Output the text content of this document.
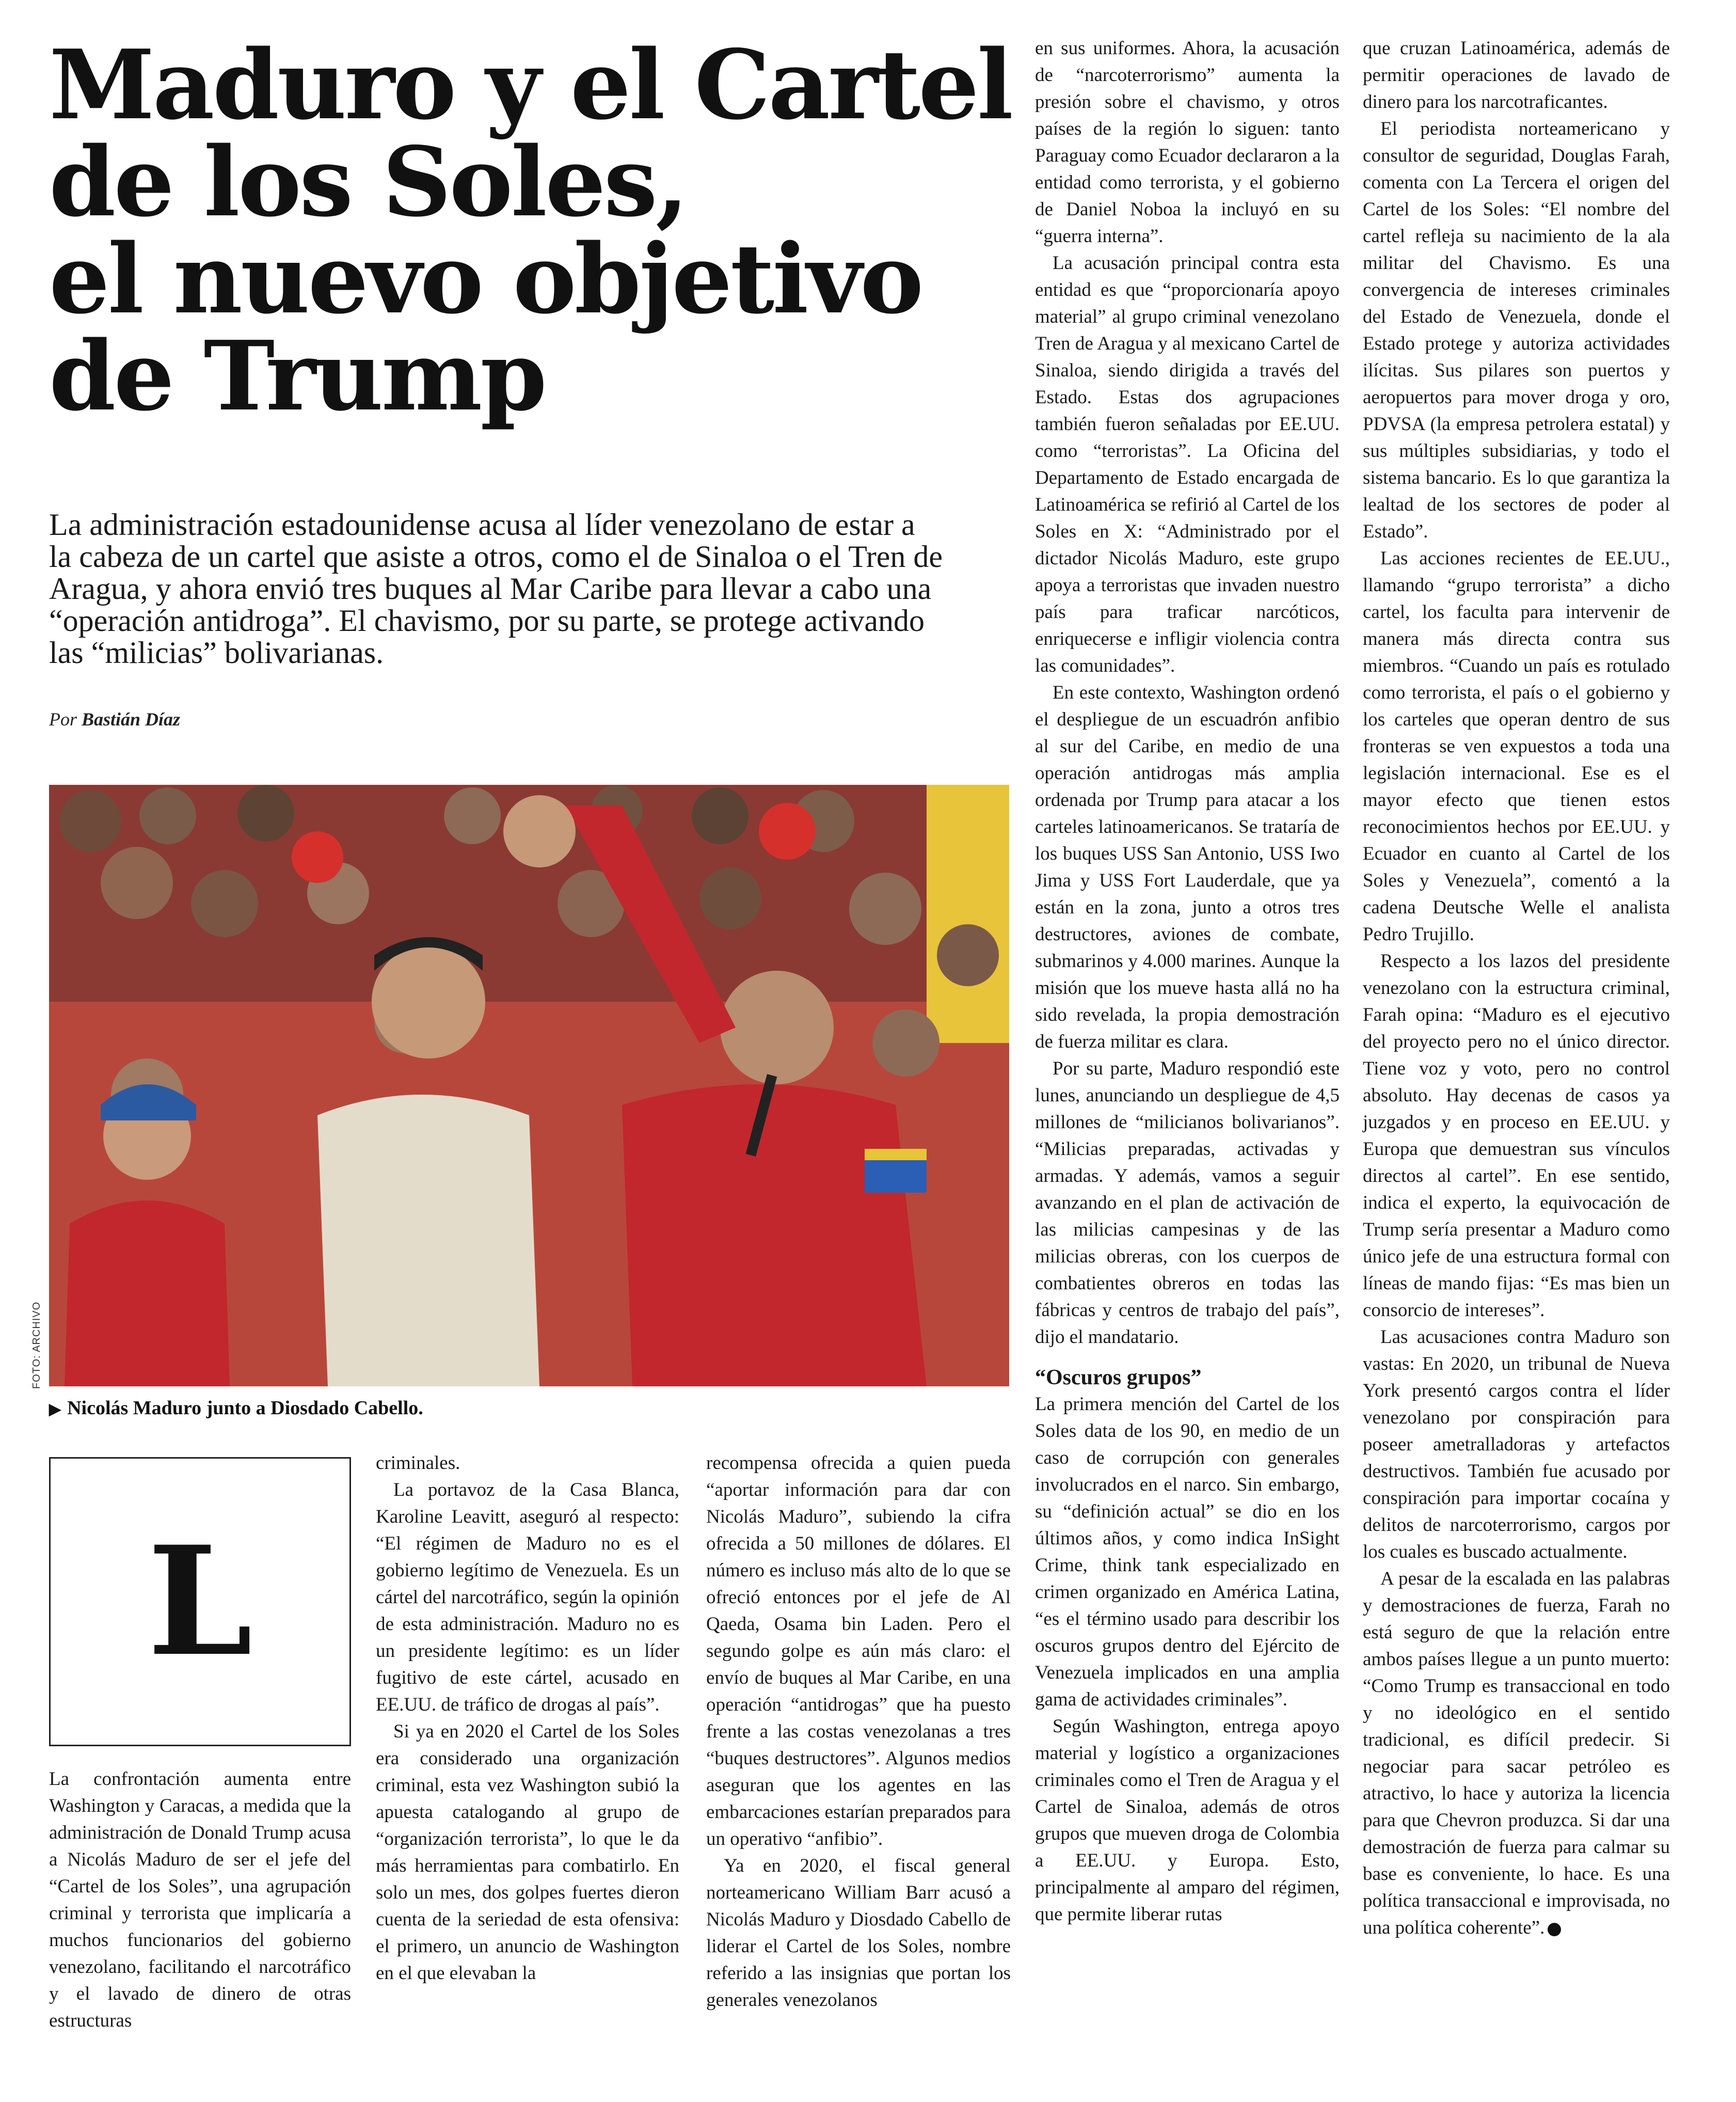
Maduro y el Cartel
de los Soles,
el nuevo objetivo
de Trump

La administración estadounidense acusa al líder venezolano de estar a
la cabeza de un cartel que asiste a otros, como el de Sinaloa o el Tren de
Aragua, y ahora envió tres buques al Mar Caribe para llevar a cabo una
“operación antidroga”. El chavismo, por su parte, se protege activando
las “milicias” bolivarianas.

Por Bastián Díaz
FOTO: ARCHIVO
▶ Nicolás Maduro junto a Diosdado Cabello.
L

La confrontación aumenta entre Washington y Caracas, a medida que la administración de Donald Trump acusa a Nicolás Maduro de ser el jefe del “Cartel de los Soles”, una agrupación criminal y terrorista que implicaría a muchos funcionarios del gobierno venezolano, facilitando el narcotráfico y el lavado de dinero de otras estructuras

criminales.

La portavoz de la Casa Blanca, Karoline Leavitt, aseguró al respecto: “El régimen de Maduro no es el gobierno legítimo de Venezuela. Es un cártel del narcotráfico, según la opinión de esta administración. Maduro no es un presidente legítimo: es un líder fugitivo de este cártel, acusado en EE.UU. de tráfico de drogas al país”.

Si ya en 2020 el Cartel de los Soles era considerado una organización criminal, esta vez Washington subió la apuesta catalogando al grupo de “organización terrorista”, lo que le da más herramientas para combatirlo. En solo un mes, dos golpes fuertes dieron cuenta de la seriedad de esta ofensiva: el primero, un anuncio de Washington en el que elevaban la

recompensa ofrecida a quien pueda “aportar información para dar con Nicolás Maduro”, subiendo la cifra ofrecida a 50 millones de dólares. El número es incluso más alto de lo que se ofreció entonces por el jefe de Al Qaeda, Osama bin Laden. Pero el segundo golpe es aún más claro: el envío de buques al Mar Caribe, en una operación “antidrogas” que ha puesto frente a las costas venezolanas a tres “buques destructores”. Algunos medios aseguran que los agentes en las embarcaciones estarían preparados para un operativo “anfibio”.

Ya en 2020, el fiscal general norteamericano William Barr acusó a Nicolás Maduro y Diosdado Cabello de liderar el Cartel de los Soles, nombre referido a las insignias que portan los generales venezolanos

en sus uniformes. Ahora, la acusación de “narcoterrorismo” aumenta la presión sobre el chavismo, y otros países de la región lo siguen: tanto Paraguay como Ecuador declararon a la entidad como terrorista, y el gobierno de Daniel Noboa la incluyó en su “guerra interna”.

La acusación principal contra esta entidad es que “proporcionaría apoyo material” al grupo criminal venezolano Tren de Aragua y al mexicano Cartel de Sinaloa, siendo dirigida a través del Estado. Estas dos agrupaciones también fueron señaladas por EE.UU. como “terroristas”. La Oficina del Departamento de Estado encargada de Latinoamérica se refirió al Cartel de los Soles en X: “Administrado por el dictador Nicolás Maduro, este grupo apoya a terroristas que invaden nuestro país para traficar narcóticos, enriquecerse e infligir violencia contra las comunidades”.

En este contexto, Washington ordenó el despliegue de un escuadrón anfibio al sur del Caribe, en medio de una operación antidrogas más amplia ordenada por Trump para atacar a los carteles latinoamericanos. Se trataría de los buques USS San Antonio, USS Iwo Jima y USS Fort Lauderdale, que ya están en la zona, junto a otros tres destructores, aviones de combate, submarinos y 4.000 marines. Aunque la misión que los mueve hasta allá no ha sido revelada, la propia demostración de fuerza militar es clara.

Por su parte, Maduro respondió este lunes, anunciando un despliegue de 4,5 millones de “milicianos bolivarianos”. “Milicias preparadas, activadas y armadas. Y además, vamos a seguir avanzando en el plan de activación de las milicias campesinas y de las milicias obreras, con los cuerpos de combatientes obreros en todas las fábricas y centros de trabajo del país”, dijo el mandatario.

“Oscuros grupos”

La primera mención del Cartel de los Soles data de los 90, en medio de un caso de corrupción con generales involucrados en el narco. Sin embargo, su “definición actual” se dio en los últimos años, y como indica InSight Crime, think tank especializado en crimen organizado en América Latina, “es el término usado para describir los oscuros grupos dentro del Ejército de Venezuela implicados en una amplia gama de actividades criminales”.

Según Washington, entrega apoyo material y logístico a organizaciones criminales como el Tren de Aragua y el Cartel de Sinaloa, además de otros grupos que mueven droga de Colombia a EE.UU. y Europa. Esto, principalmente al amparo del régimen, que permite liberar rutas

que cruzan Latinoamérica, además de permitir operaciones de lavado de dinero para los narcotraficantes.

El periodista norteamericano y consultor de seguridad, Douglas Farah, comenta con La Tercera el origen del Cartel de los Soles: “El nombre del cartel refleja su nacimiento de la ala militar del Chavismo. Es una convergencia de intereses criminales del Estado de Venezuela, donde el Estado protege y autoriza actividades ilícitas. Sus pilares son puertos y aeropuertos para mover droga y oro, PDVSA (la empresa petrolera estatal) y sus múltiples subsidiarias, y todo el sistema bancario. Es lo que garantiza la lealtad de los sectores de poder al Estado”.

Las acciones recientes de EE.UU., llamando “grupo terrorista” a dicho cartel, los faculta para intervenir de manera más directa contra sus miembros. “Cuando un país es rotulado como terrorista, el país o el gobierno y los carteles que operan dentro de sus fronteras se ven expuestos a toda una legislación internacional. Ese es el mayor efecto que tienen estos reconocimientos hechos por EE.UU. y Ecuador en cuanto al Cartel de los Soles y Venezuela”, comentó a la cadena Deutsche Welle el analista Pedro Trujillo.

Respecto a los lazos del presidente venezolano con la estructura criminal, Farah opina: “Maduro es el ejecutivo del proyecto pero no el único director. Tiene voz y voto, pero no control absoluto. Hay decenas de casos ya juzgados y en proceso en EE.UU. y Europa que demuestran sus vínculos directos al cartel”. En ese sentido, indica el experto, la equivocación de Trump sería presentar a Maduro como único jefe de una estructura formal con líneas de mando fijas: “Es mas bien un consorcio de intereses”.

Las acusaciones contra Maduro son vastas: En 2020, un tribunal de Nueva York presentó cargos contra el líder venezolano por conspiración para poseer ametralladoras y artefactos destructivos. También fue acusado por conspiración para importar cocaína y delitos de narcoterrorismo, cargos por los cuales es buscado actualmente.

A pesar de la escalada en las palabras y demostraciones de fuerza, Farah no está seguro de que la relación entre ambos países llegue a un punto muerto: “Como Trump es transaccional en todo y no ideológico en el sentido tradicional, es difícil predecir. Si negociar para sacar petróleo es atractivo, lo hace y autoriza la licencia para que Chevron produzca. Si dar una demostración de fuerza para calmar su base es conveniente, lo hace. Es una política transaccional e improvisada, no una política coherente”.
